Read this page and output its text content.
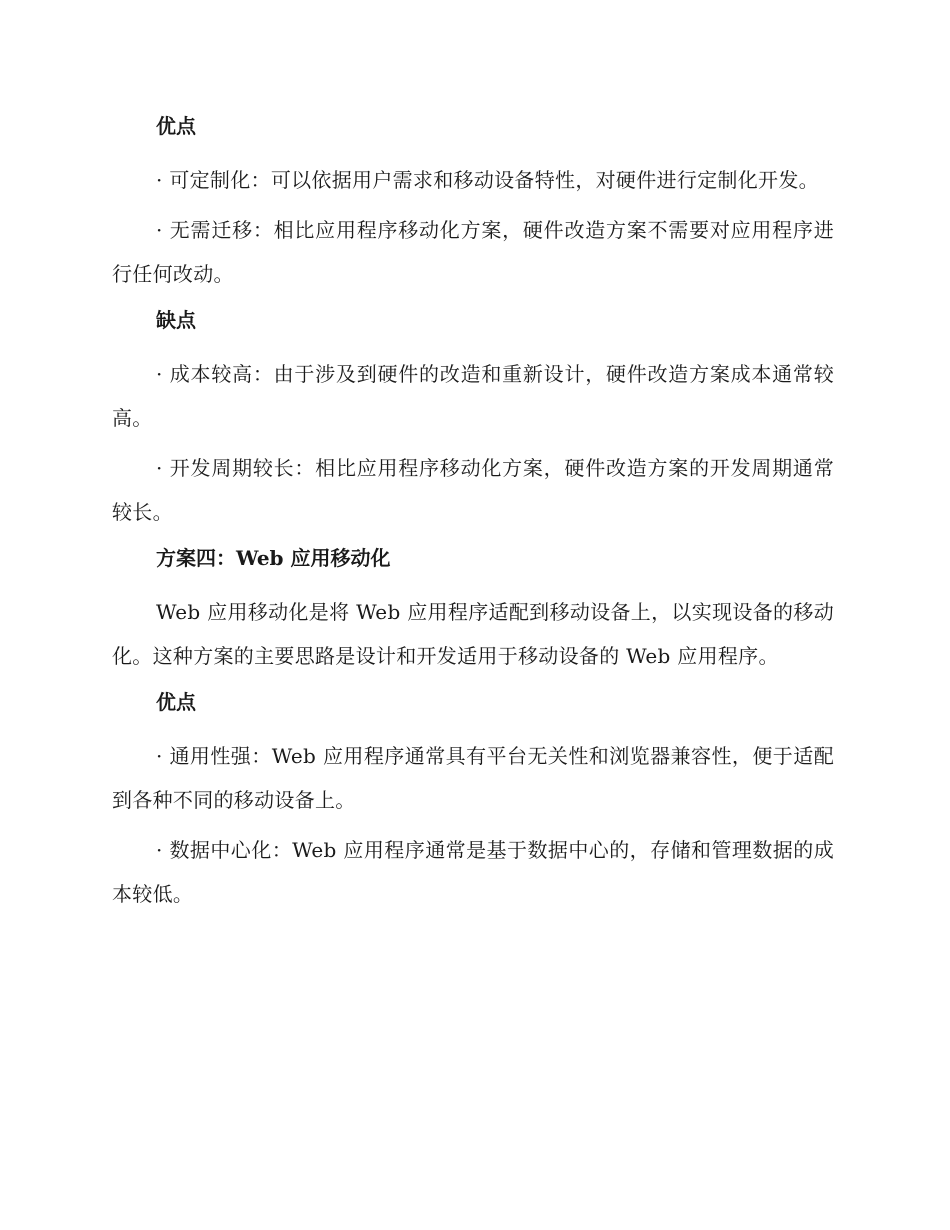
优点

· 可定制化：可以依据用户需求和移动设备特性，对硬件进行定制化开发。

· 无需迁移：相比应用程序移动化方案，硬件改造方案不需要对应用程序进行任何改动。

缺点

· 成本较高：由于涉及到硬件的改造和重新设计，硬件改造方案成本通常较高。

· 开发周期较长：相比应用程序移动化方案，硬件改造方案的开发周期通常较长。

方案四：Web 应用移动化

Web 应用移动化是将 Web 应用程序适配到移动设备上，以实现设备的移动化。这种方案的主要思路是设计和开发适用于移动设备的 Web 应用程序。

优点

· 通用性强：Web 应用程序通常具有平台无关性和浏览器兼容性，便于适配到各种不同的移动设备上。

· 数据中心化：Web 应用程序通常是基于数据中心的，存储和管理数据的成本较低。
